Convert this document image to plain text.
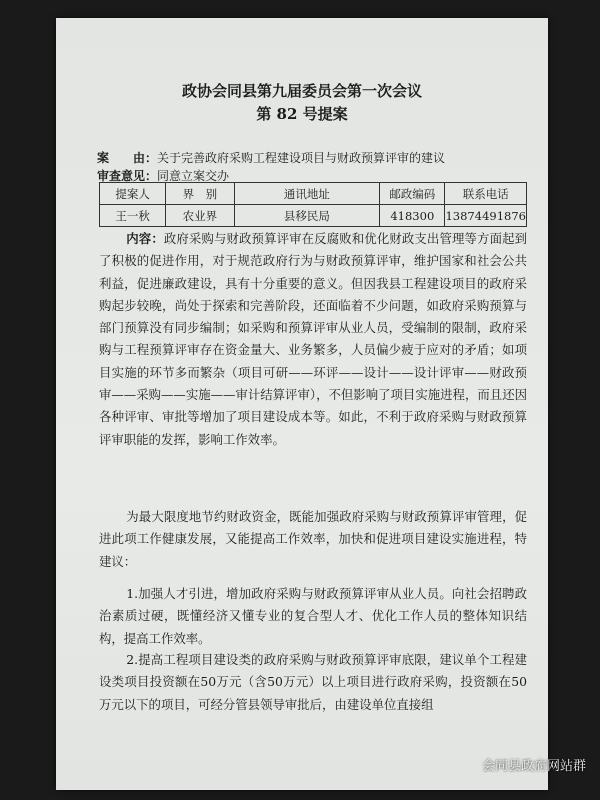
政协会同县第九届委员会第一次会议
第 82 号提案
案　　由：关于完善政府采购工程建设项目与财政预算评审的建议
审查意见：同意立案交办
提案人	界　别	通讯地址	邮政编码	联系电话
王一秋	农业界	县移民局	418300	13874491876

内容：政府采购与财政预算评审在反腐败和优化财政支出管理等方面起到了积极的促进作用，对于规范政府行为与财政预算评审，维护国家和社会公共利益，促进廉政建设，具有十分重要的意义。但因我县工程建设项目的政府采购起步较晚，尚处于探索和完善阶段，还面临着不少问题，如政府采购预算与部门预算没有同步编制；如采购和预算评审从业人员，受编制的限制，政府采购与工程预算评审存在资金量大、业务繁多，人员偏少疲于应对的矛盾；如项目实施的环节多而繁杂（项目可研——环评——设计——设计评审——财政预审——采购——实施——审计结算评审），不但影响了项目实施进程，而且还因各种评审、审批等增加了项目建设成本等。如此，不利于政府采购与财政预算评审职能的发挥，影响工作效率。

为最大限度地节约财政资金，既能加强政府采购与财政预算评审管理，促进此项工作健康发展，又能提高工作效率，加快和促进项目建设实施进程，特建议：

1.加强人才引进，增加政府采购与财政预算评审从业人员。向社会招聘政治素质过硬，既懂经济又懂专业的复合型人才、优化工作人员的整体知识结构，提高工作效率。

2.提高工程项目建设类的政府采购与财政预算评审底限，建议单个工程建设类项目投资额在50万元（含50万元）以上项目进行政府采购，投资额在50万元以下的项目，可经分管县领导审批后，由建设单位直接组

会同县政府网站群
